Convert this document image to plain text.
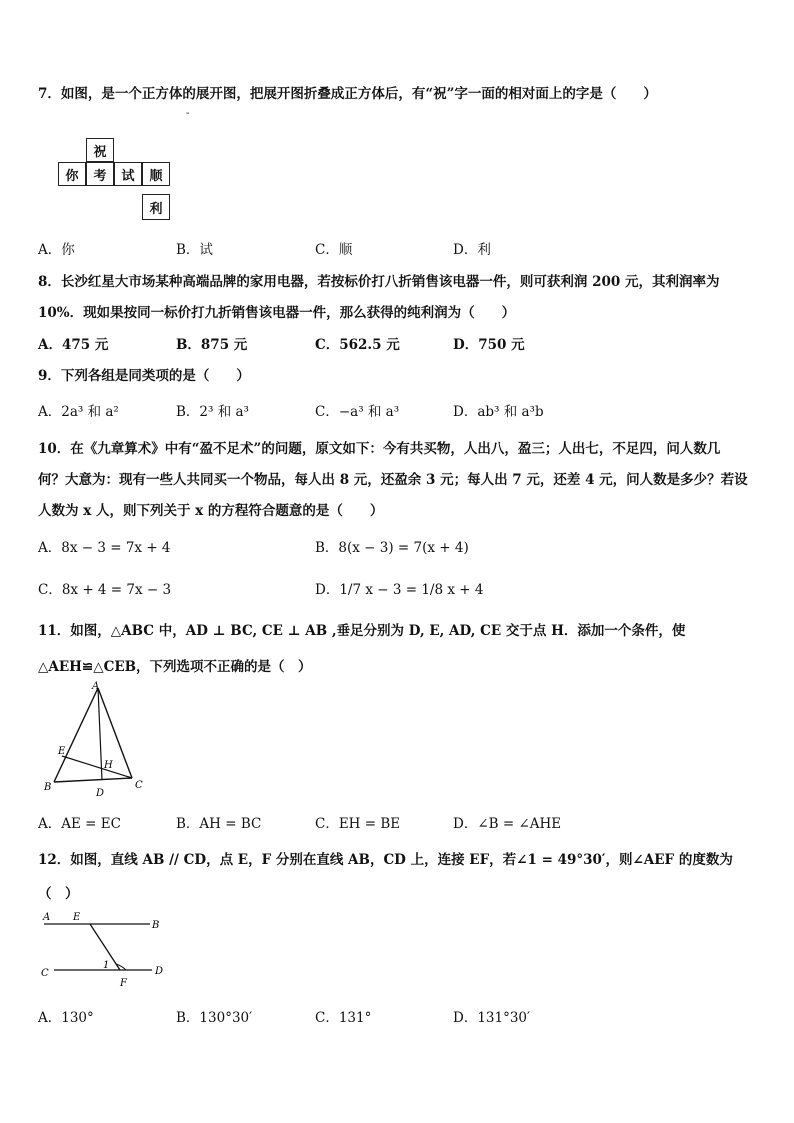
7．如图，是一个正方体的展开图，把展开图折叠成正方体后，有“祝”字一面的相对面上的字是（　　）
-
祝
你	考	试	顺
利
A．你	B．试	C．顺	D．利
8．长沙红星大市场某种高端品牌的家用电器，若按标价打八折销售该电器一件，则可获利润 200 元，其利润率为
10%．现如果按同一标价打九折销售该电器一件，那么获得的纯利润为（　　）
A．475 元	B．875 元	C．562.5 元	D．750 元
9．下列各组是同类项的是（　　）
A．2a³ 和 a²	B．2³ 和 a³	C．−a³ 和 a³	D．ab³ 和 a³b
10．在《九章算术》中有“盈不足术”的问题，原文如下：今有共买物，人出八，盈三；人出七，不足四，问人数几
何？大意为：现有一些人共同买一个物品，每人出 8 元，还盈余 3 元；每人出 7 元，还差 4 元，问人数是多少？若设
人数为 x 人，则下列关于 x 的方程符合题意的是（　　）
A．8x − 3 = 7x + 4	B．8(x − 3) = 7(x + 4)
C．8x + 4 = 7x − 3	D．1/7 x − 3 = 1/8 x + 4
11．如图，△ABC 中，AD ⊥ BC, CE ⊥ AB ,垂足分别为 D, E, AD, CE 交于点 H．添加一个条件，使
△AEH≌△CEB，下列选项不正确的是（　）
A
E
H
B
D
C
A．AE = EC	B．AH = BC	C．EH = BE	D．∠B = ∠AHE
12．如图，直线 AB // CD，点 E，F 分别在直线 AB，CD 上，连接 EF，若∠1 = 49°30′，则∠AEF 的度数为
（　）
A E
B
C
1
D
F
A．130°	B．130°30′	C．131°	D．131°30′
